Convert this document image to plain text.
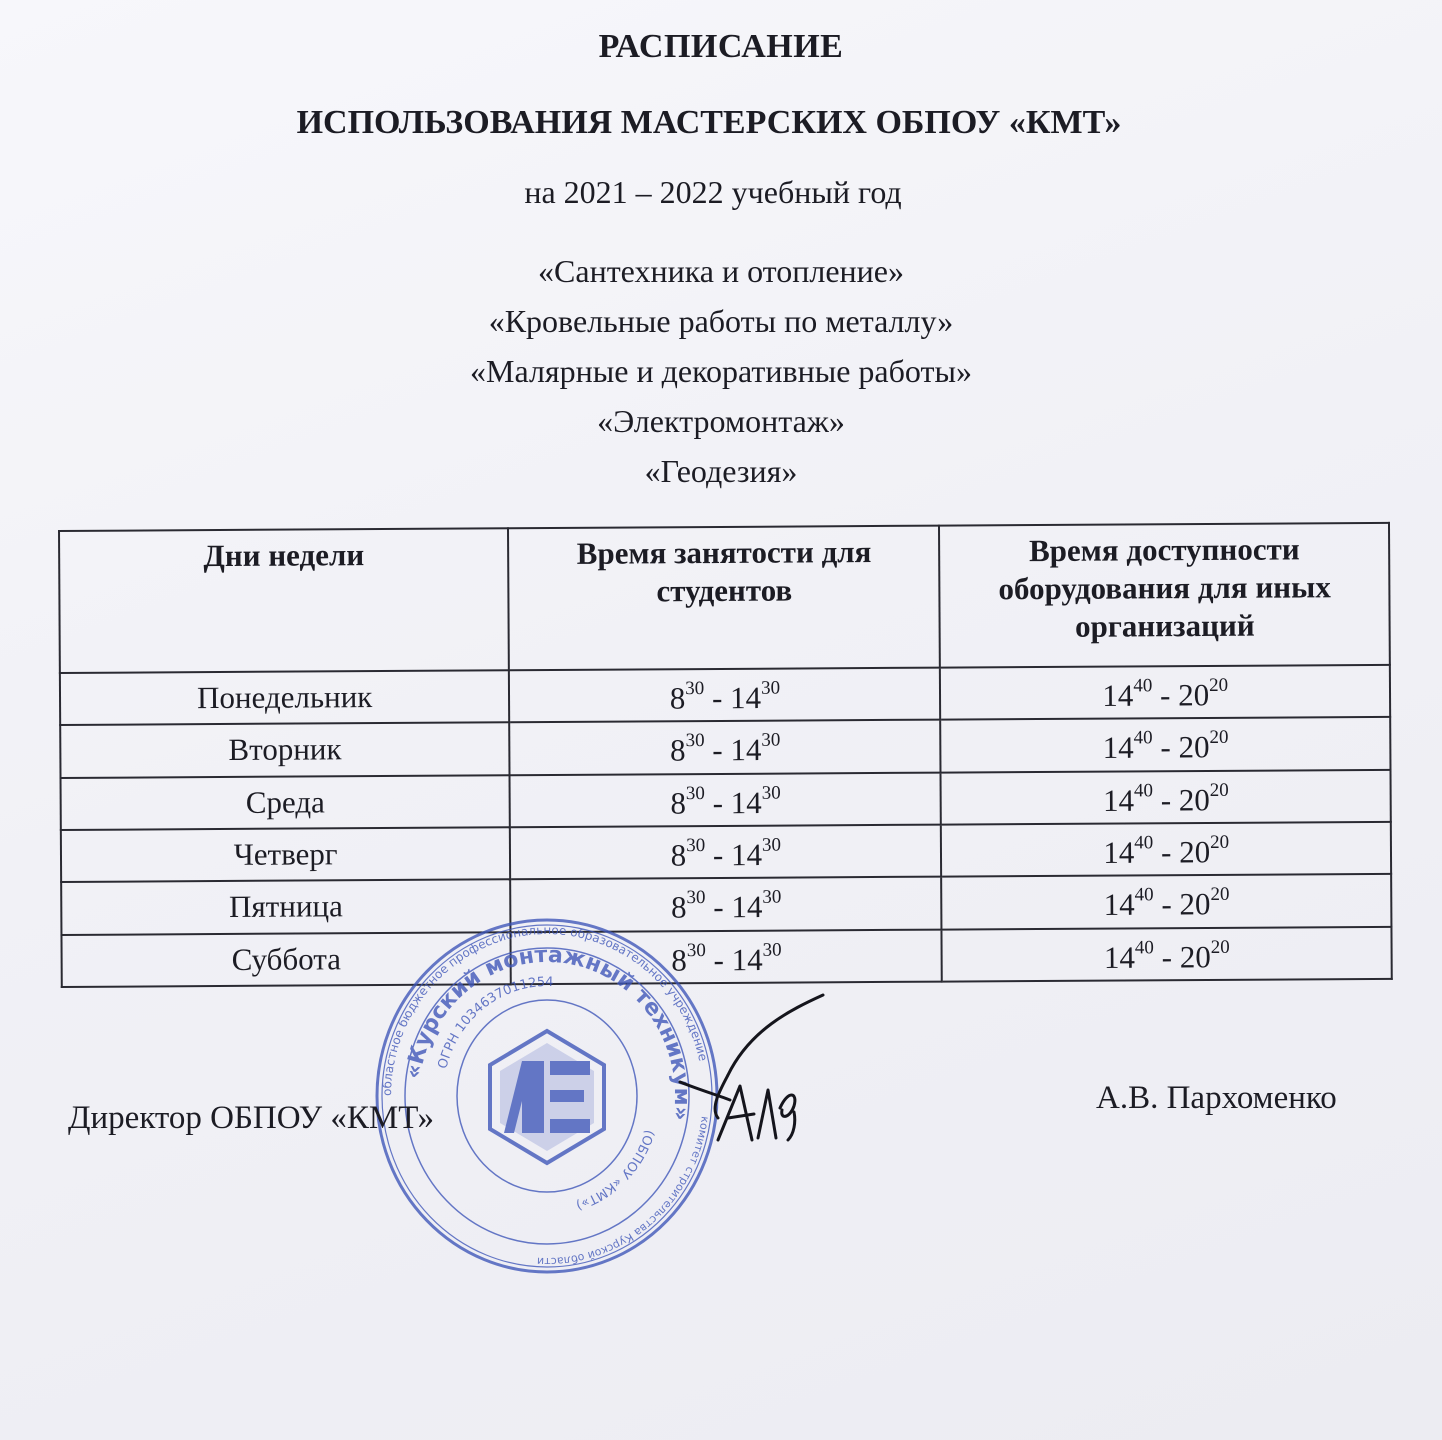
РАСПИСАНИЕ
ИСПОЛЬЗОВАНИЯ МАСТЕРСКИХ ОБПОУ «КМТ»
на 2021 – 2022 учебный год
«Сантехника и отопление»
«Кровельные работы по металлу»
«Малярные и декоративные работы»
«Электромонтаж»
«Геодезия»
Дни недели	Время занятости для студентов	Время доступности оборудования для иных организаций
Понедельник	$8^{30} - 14^{30}$	$14^{40} - 20^{20}$
Вторник	$8^{30} - 14^{30}$	$14^{40} - 20^{20}$
Среда	$8^{30} - 14^{30}$	$14^{40} - 20^{20}$
Четверг	$8^{30} - 14^{30}$	$14^{40} - 20^{20}$
Пятница	$8^{30} - 14^{30}$	$14^{40} - 20^{20}$
Суббота	$8^{30} - 14^{30}$	$14^{40} - 20^{20}$
областное бюджетное профессиональное образовательное учреждение
«Курский монтажный техникум»
ОГРН 1034637011254
(ОБПОУ «КМТ»)
комитет строительства Курской области
Директор ОБПОУ «КМТ»
А.В. Пархоменко
